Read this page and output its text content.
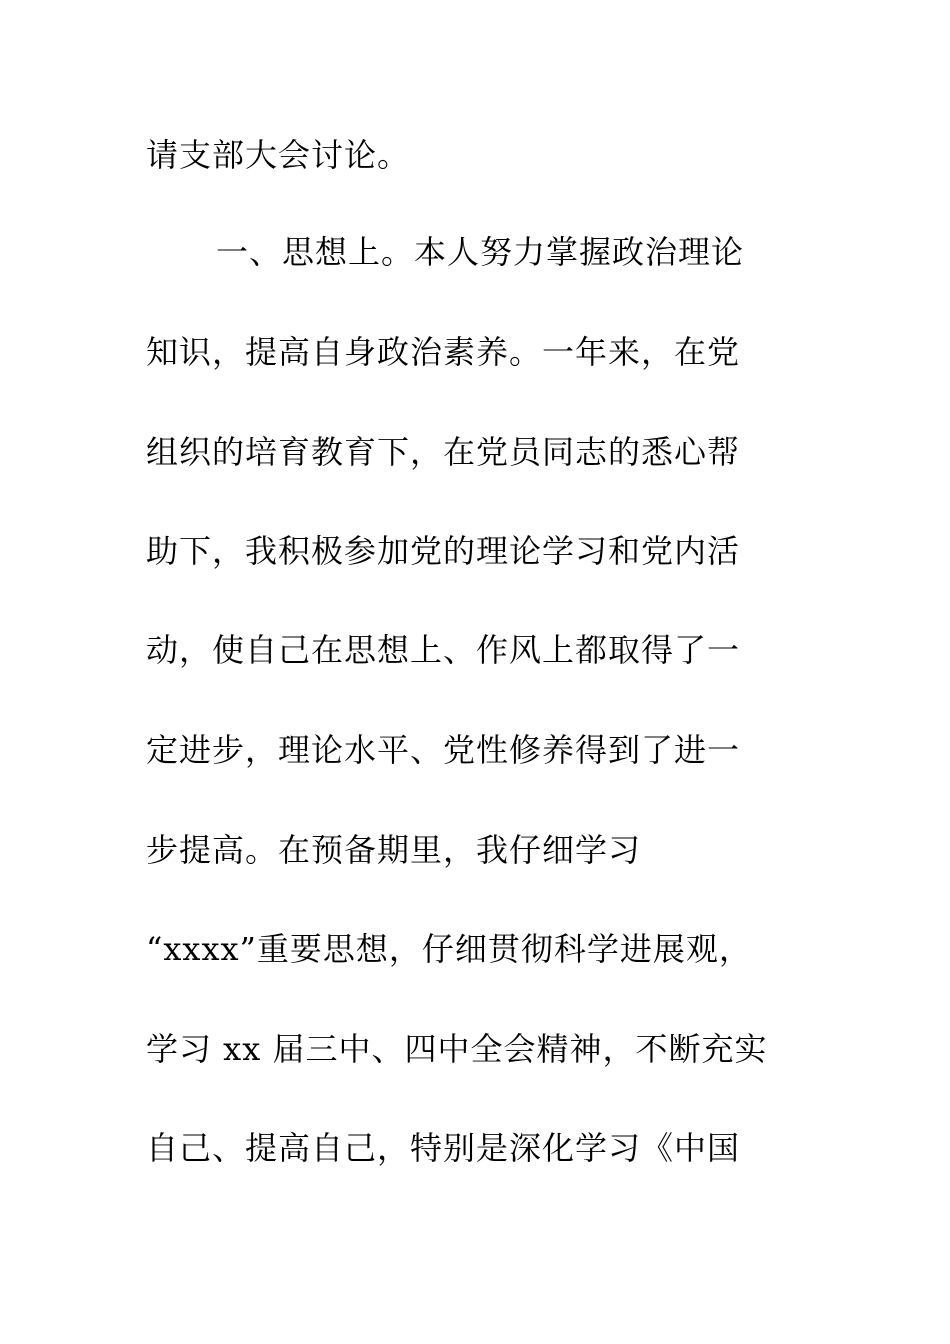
请支部大会讨论。
一、思想上。本人努力掌握政治理论
知识，提高自身政治素养。一年来，在党
组织的培育教育下，在党员同志的悉心帮
助下，我积极参加党的理论学习和党内活
动，使自己在思想上、作风上都取得了一
定进步，理论水平、党性修养得到了进一
步提高。在预备期里，我仔细学习
“xxxx”重要思想，仔细贯彻科学进展观，
学习 xx 届三中、四中全会精神，不断充实
自己、提高自己，特别是深化学习《中国
